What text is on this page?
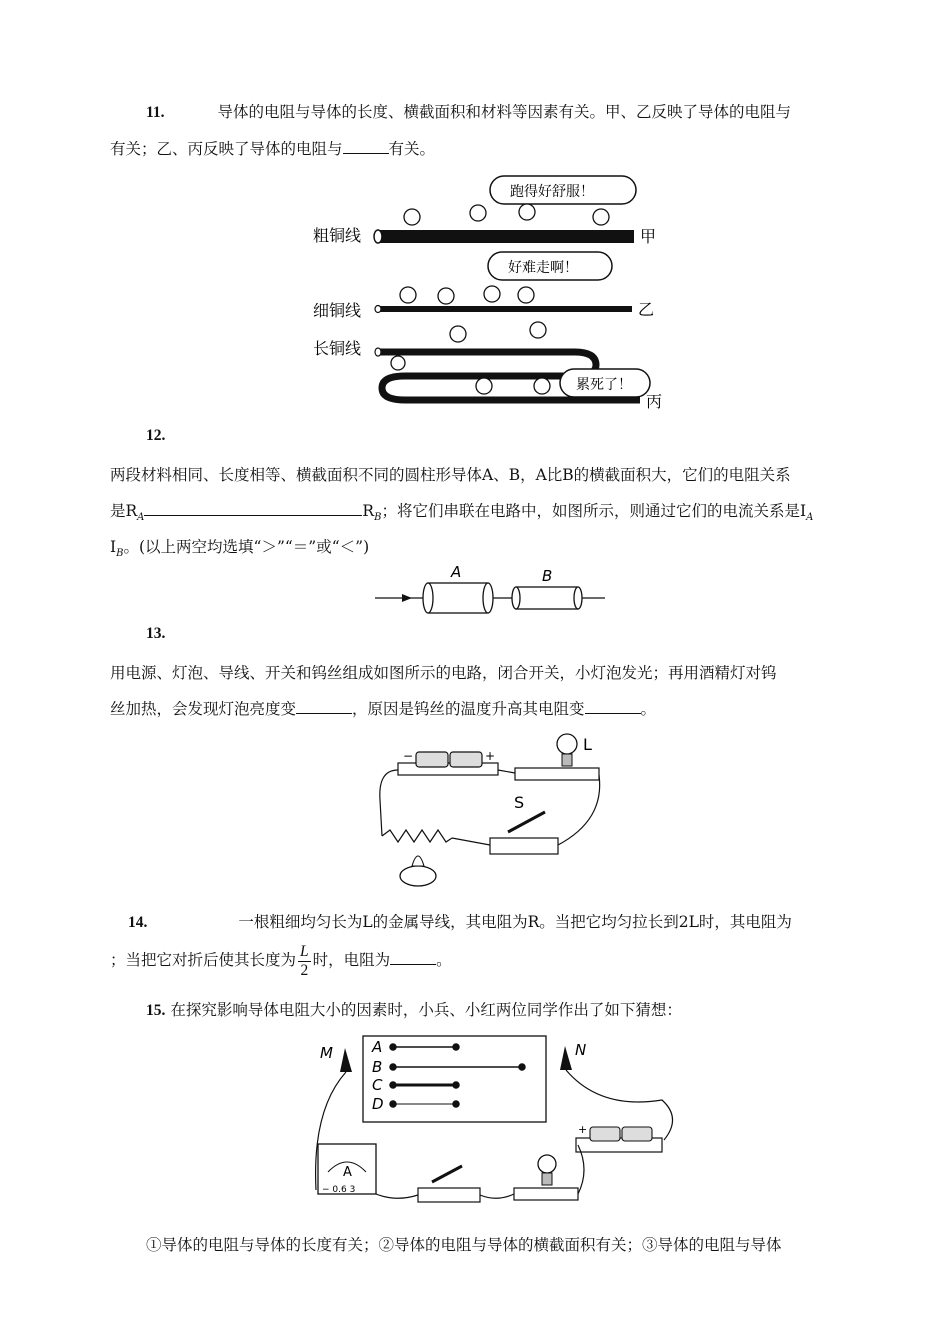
11.	导体的电阻与导体的长度、横截面积和材料等因素有关。甲、乙反映了导体的电阻与
有关；乙、丙反映了导体的电阻与	有关。
粗铜线
细铜线
长铜线
甲
乙
丙
跑得好舒服！
好难走啊！
累死了！
12.
两段材料相同、长度相等、横截面积不同的圆柱形导体A、B，A比B的横截面积大，它们的电阻关系
是$R_A$	$R_B$；将它们串联在电路中，如图所示，则通过它们的电流关系是$I_A$
$I_B$。(以上两空均选填“＞”“＝”或“＜”)
A	B
13.
用电源、灯泡、导线、开关和钨丝组成如图所示的电路，闭合开关，小灯泡发光；再用酒精灯对钨
丝加热，会发现灯泡亮度变	，原因是钨丝的温度升高其电阻变	。
−	+
L
S
14.	一根粗细均匀长为L的金属导线，其电阻为R。当把它均匀拉长到2L时，其电阻为
；当把它对折后使其长度为 $\frac{L}{2}$ 时，电阻为	。
15. 在探究影响导体电阻大小的因素时，小兵、小红两位同学作出了如下猜想：
A
B
C
D
M	N
A
− 0.6 3
+
①导体的电阻与导体的长度有关；②导体的电阻与导体的横截面积有关；③导体的电阻与导体
